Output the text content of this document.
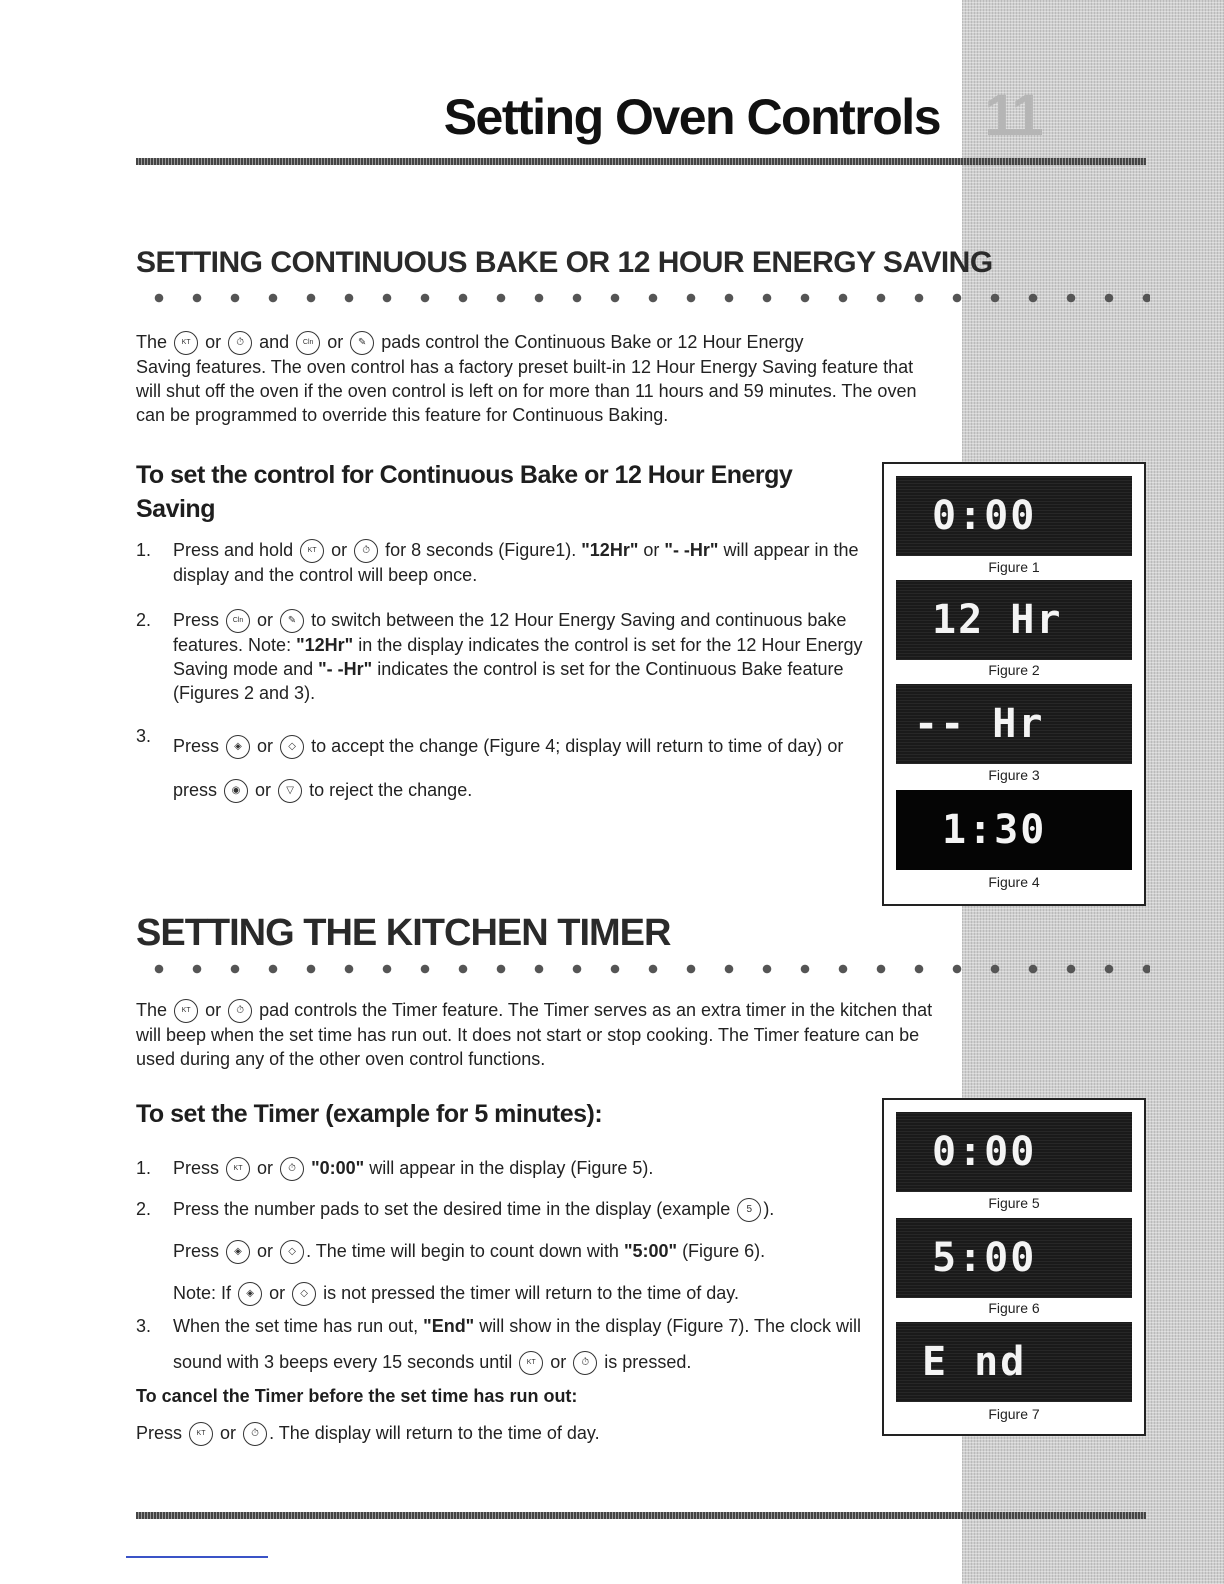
Setting Oven Controls 11
SETTING CONTINUOUS BAKE OR 12 HOUR ENERGY SAVING
The KT or ⏱ and Cln or ✎ pads control the Continuous Bake or 12 Hour Energy
Saving features. The oven control has a factory preset built-in 12 Hour Energy Saving feature that will shut off the oven if the oven control is left on for more than 11 hours and 59 minutes. The oven can be programmed to override this feature for Continuous Baking.
To set the control for Continuous Bake or 12 Hour Energy Saving
1.	Press and hold KT or ⏱ for 8 seconds (Figure1). "12Hr" or "- -Hr" will appear in the display and the control will beep once.
2.	Press Cln or ✎ to switch between the 12 Hour Energy Saving and continuous bake features. Note: "12Hr" in the display indicates the control is set for the 12 Hour Energy Saving mode and "- -Hr" indicates the control is set for the Continuous Bake feature (Figures 2 and 3).
3.	Press ◈ or ◇ to accept the change (Figure 4; display will return to time of day) or press ◉ or ▽ to reject the change.
0:00
Figure 1
12 Hr
Figure 2
-- Hr
Figure 3
1:30
Figure 4
SETTING THE KITCHEN TIMER
The KT or ⏱ pad controls the Timer feature. The Timer serves as an extra timer in the kitchen that will beep when the set time has run out. It does not start or stop cooking. The Timer feature can be used during any of the other oven control functions.
To set the Timer (example for 5 minutes):
1.	Press KT or ⏱ "0:00" will appear in the display (Figure 5).
2.	Press the number pads to set the desired time in the display (example 5 ).
Press ◈ or ◇ . The time will begin to count down with "5:00" (Figure 6).
Note: If ◈ or ◇ is not pressed the timer will return to the time of day.
3.	When the set time has run out, "End" will show in the display (Figure 7). The clock will sound with 3 beeps every 15 seconds until KT or ⏱ is pressed.
To cancel the Timer before the set time has run out:
Press KT or ⏱ . The display will return to the time of day.
0:00
Figure 5
5:00
Figure 6
E nd
Figure 7
